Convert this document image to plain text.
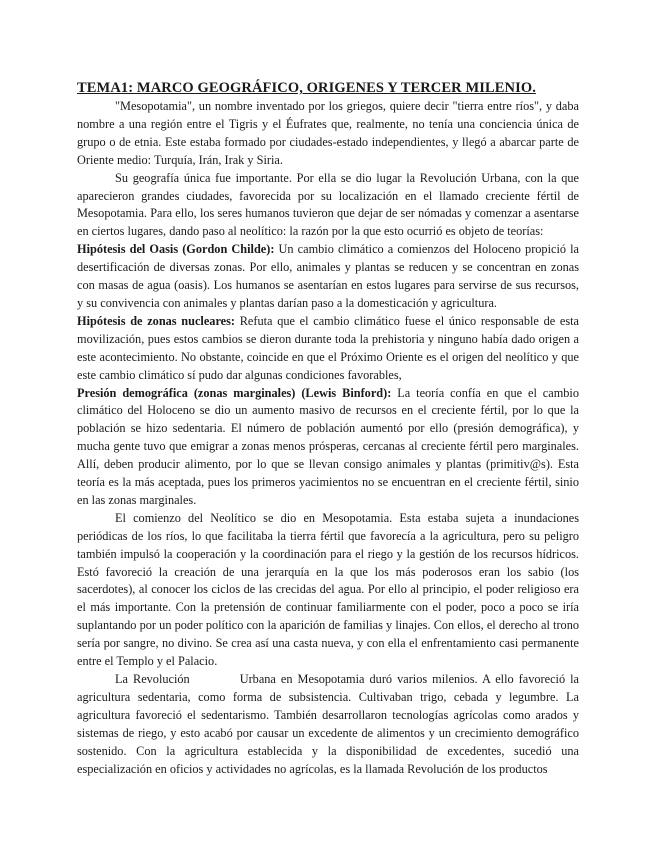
TEMA1: MARCO GEOGRÁFICO, ORIGENES Y TERCER MILENIO.

"Mesopotamia", un nombre inventado por los griegos, quiere decir "tierra entre ríos", y daba nombre a una región entre el Tigris y el Éufrates que, realmente, no tenía una conciencia única de grupo o de etnia. Este estaba formado por ciudades-estado independientes, y llegó a abarcar parte de Oriente medio: Turquía, Irán, Irak y Siria.

Su geografía única fue importante. Por ella se dio lugar la Revolución Urbana, con la que aparecieron grandes ciudades, favorecida por su localización en el llamado creciente fértil de Mesopotamia. Para ello, los seres humanos tuvieron que dejar de ser nómadas y comenzar a asentarse en ciertos lugares, dando paso al neolítico: la razón por la que esto ocurrió es objeto de teorías:

Hipótesis del Oasis (Gordon Childe): Un cambio climático a comienzos del Holoceno propició la desertificación de diversas zonas. Por ello, animales y plantas se reducen y se concentran en zonas con masas de agua (oasis). Los humanos se asentarían en estos lugares para servirse de sus recursos, y su convivencia con animales y plantas darían paso a la domesticación y agricultura.

Hipótesis de zonas nucleares: Refuta que el cambio climático fuese el único responsable de esta movilización, pues estos cambios se dieron durante toda la prehistoria y ninguno había dado origen a este acontecimiento. No obstante, coincide en que el Próximo Oriente es el origen del neolítico y que este cambio climático sí pudo dar algunas condiciones favorables,

Presión demográfica (zonas marginales) (Lewis Binford): La teoría confía en que el cambio climático del Holoceno se dio un aumento masivo de recursos en el creciente fértil, por lo que la población se hizo sedentaria. El número de población aumentó por ello (presión demográfica), y mucha gente tuvo que emigrar a zonas menos prósperas, cercanas al creciente fértil pero marginales. Allí, deben producir alimento, por lo que se llevan consigo animales y plantas (primitiv@s). Esta teoría es la más aceptada, pues los primeros yacimientos no se encuentran en el creciente fértil, sinio en las zonas marginales.

El comienzo del Neolítico se dio en Mesopotamia. Esta estaba sujeta a inundaciones periódicas de los ríos, lo que facilitaba la tierra fértil que favorecía a la agricultura, pero su peligro también impulsó la cooperación y la coordinación para el riego y la gestión de los recursos hídricos. Estó favoreció la creación de una jerarquía en la que los más poderosos eran los sabio (los sacerdotes), al conocer los ciclos de las crecidas del agua. Por ello al principio, el poder religioso era el más importante. Con la pretensión de continuar familiarmente con el poder, poco a poco se iría suplantando por un poder político con la aparición de familias y linajes. Con ellos, el derecho al trono sería por sangre, no divino. Se crea así una casta nueva, y con ella el enfrentamiento casi permanente entre el Templo y el Palacio.

La Revolución	Urbana en Mesopotamia duró varios milenios. A ello favoreció la agricultura sedentaria, como forma de subsistencia. Cultivaban trigo, cebada y legumbre. La agricultura favoreció el sedentarismo. También desarrollaron tecnologías agrícolas como arados y sistemas de riego, y esto acabó por causar un excedente de alimentos y un crecimiento demográfico sostenido. Con la agricultura establecida y la disponibilidad de excedentes, sucedió una especialización en oficios y actividades no agrícolas, es la llamada Revolución de los productos
